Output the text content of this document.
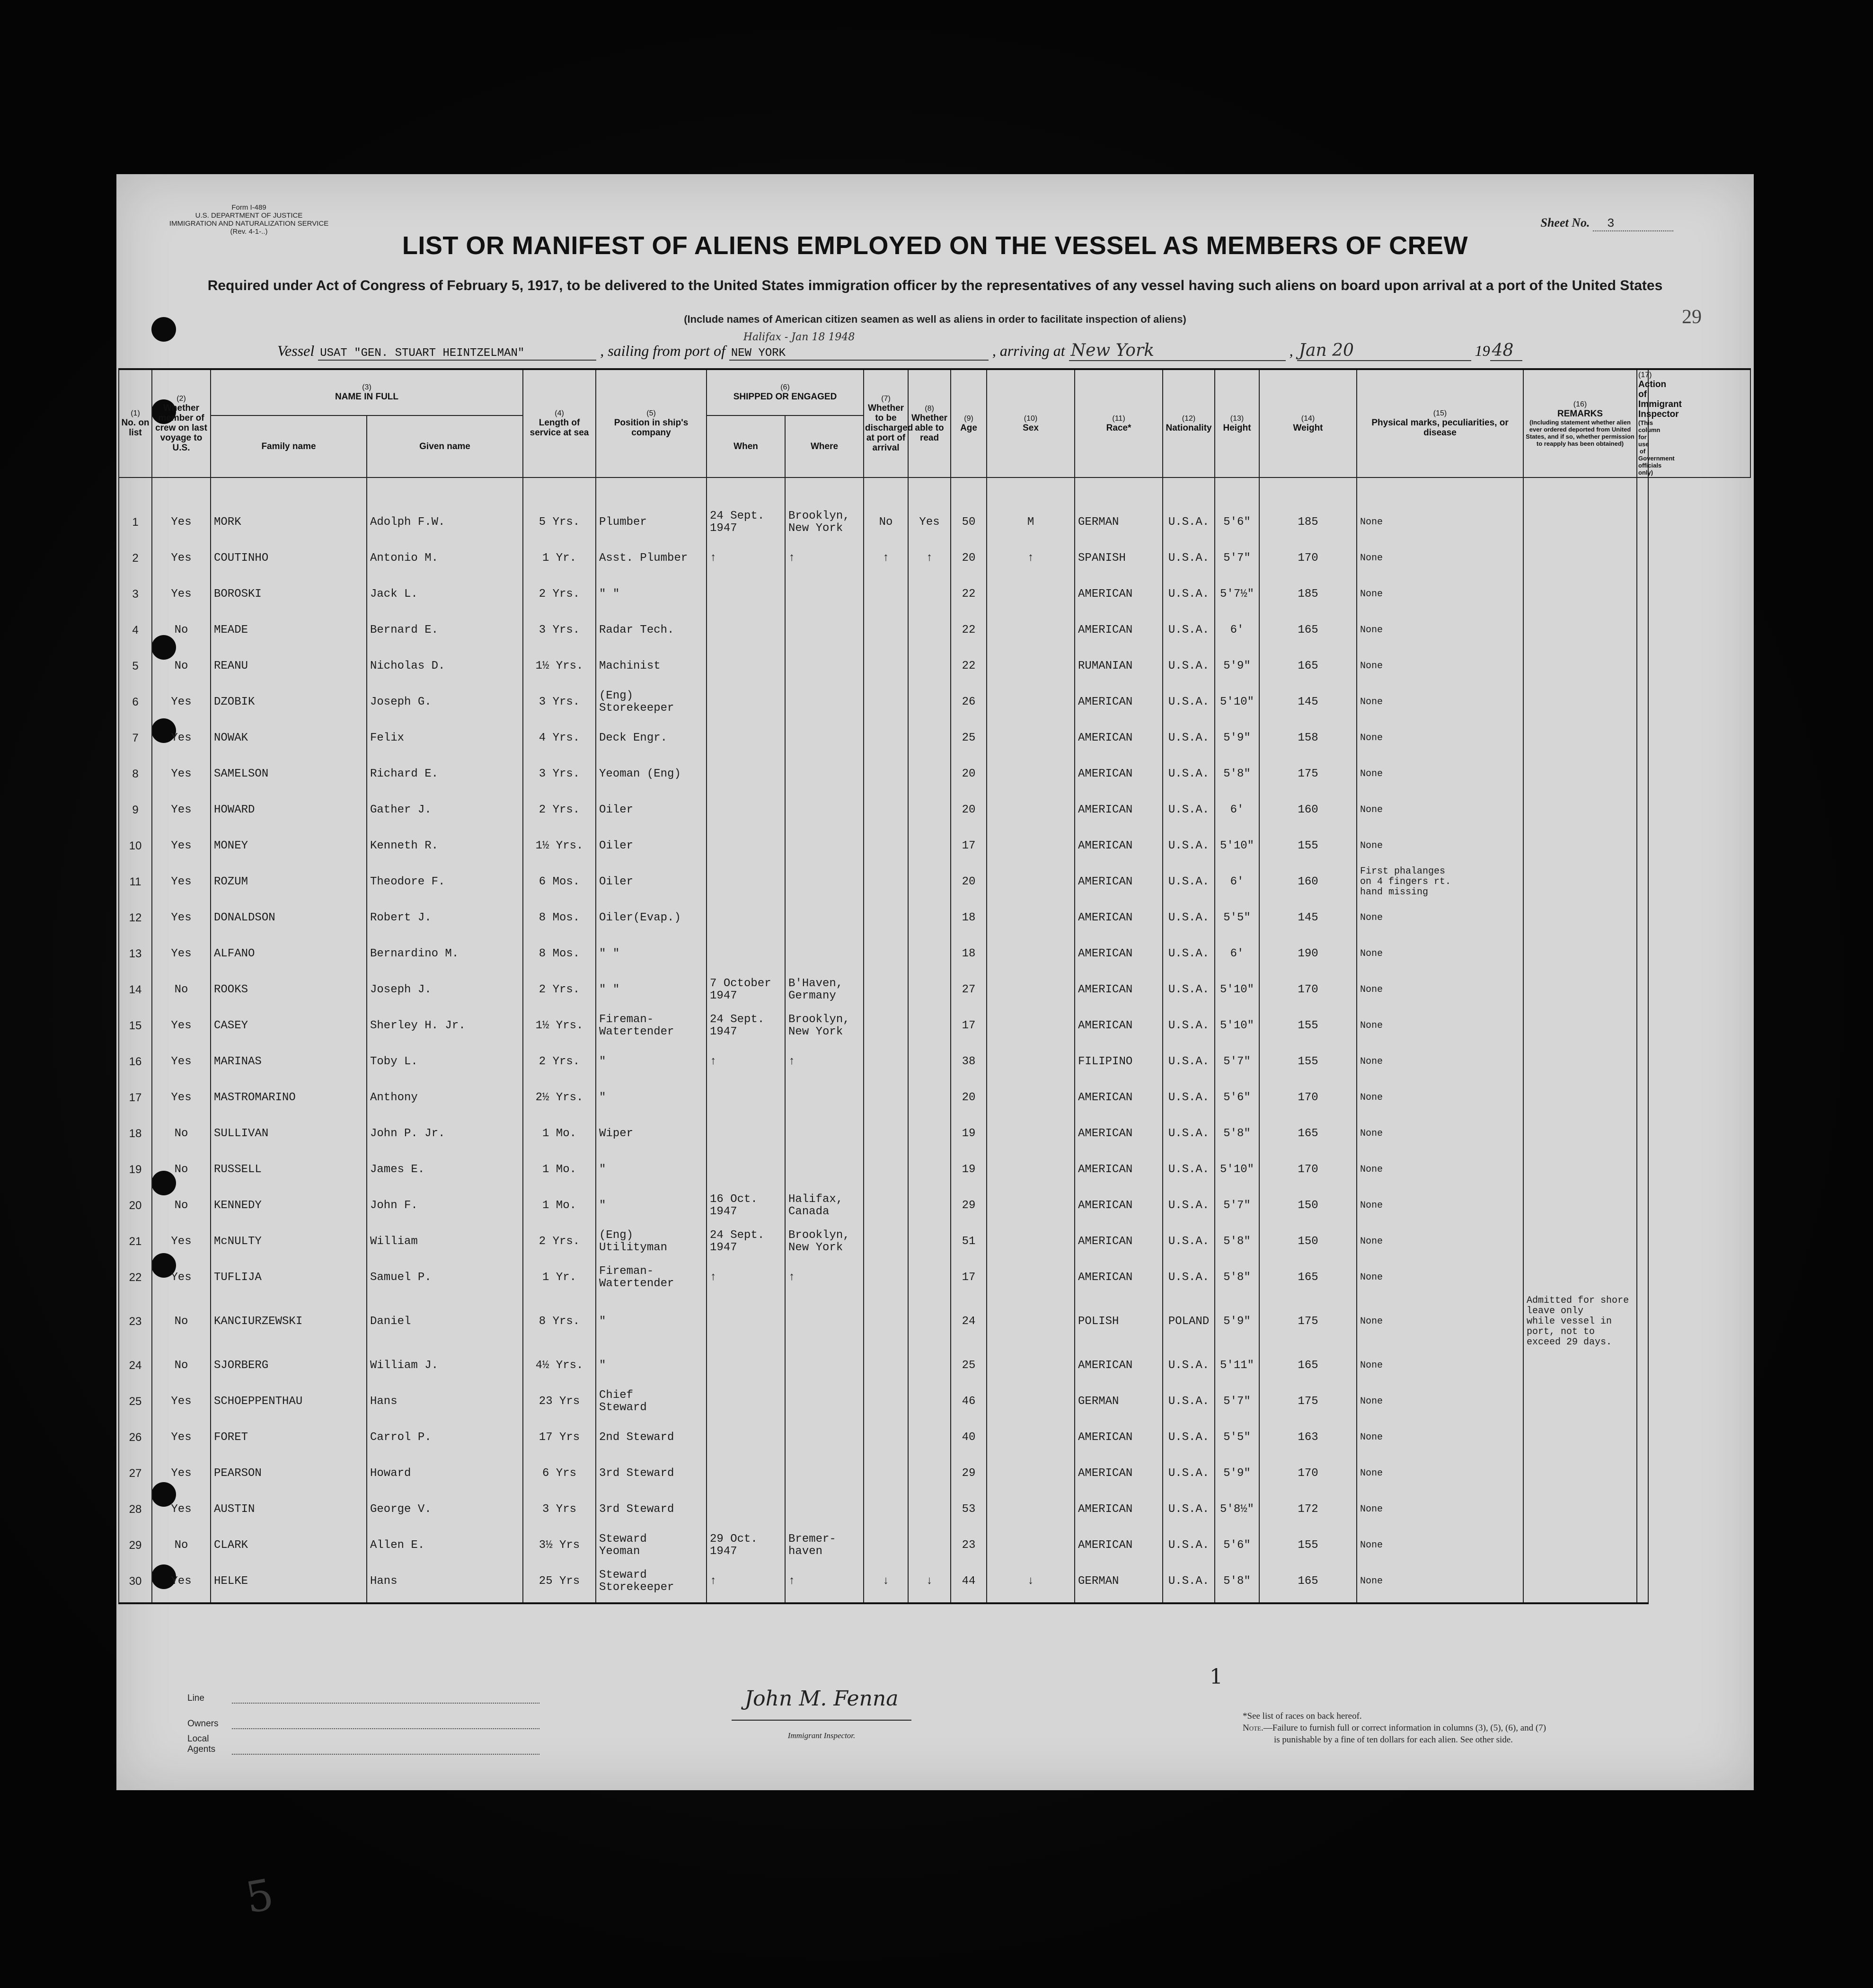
5
Form I-489
U.S. DEPARTMENT OF JUSTICE
IMMIGRATION AND NATURALIZATION SERVICE
(Rev. 4-1-..)
Sheet No. 3
LIST OR MANIFEST OF ALIENS EMPLOYED ON THE VESSEL AS MEMBERS OF CREW
Required under Act of Congress of February 5, 1917, to be delivered to the United States immigration officer by the representatives of any vessel having such aliens on board upon arrival at a port of the United States
(Include names of American citizen seamen as well as aliens in order to facilitate inspection of aliens)	29
Vessel USAT "GEN. STUART HEINTZELMAN"	, sailing from port of
Halifax - Jan 18 1948
NEW YORK	, arriving at New York	, Jan 20	19 48
(1)
No. on list	(2)
Whether member of crew on last voyage to U.S.	(3)
NAME IN FULL		(4)
Length of service at sea	(5)
Position in ship's company	(6)
SHIPPED OR ENGAGED		(7)
Whether to be discharged at port of arrival	(8)
Whether able to read	(9)
Age	(10)
Sex	(11)
Race*	(12)
Nationality	(13)
Height	(14)
Weight	(15)
Physical marks, peculiarities, or disease	(16)
REMARKS
(Including statement whether alien ever ordered deported from United States, and if so, whether permission to reapply has been obtained)	(17)
Action of Immigrant Inspector
(This column for use of Government officials only)	

		Family name	Given name			When	Where												

1	Yes	MORK	Adolph F.W.	5 Yrs.	Plumber	24 Sept.
1947	Brooklyn,
New York	No	Yes	50	M	GERMAN	U.S.A.	5'6"	185	None			
2	Yes	COUTINHO	Antonio M.	1 Yr.	Asst. Plumber	↑	↑	↑	↑	20	↑	SPANISH	U.S.A.	5'7"	170	None			
3	Yes	BOROSKI	Jack L.	2 Yrs.	" "					22		AMERICAN	U.S.A.	5'7½"	185	None			
4	No	MEADE	Bernard E.	3 Yrs.	Radar Tech.					22		AMERICAN	U.S.A.	6'	165	None			
5	No	REANU	Nicholas D.	1½ Yrs.	Machinist					22		RUMANIAN	U.S.A.	5'9"	165	None			
6	Yes	DZOBIK	Joseph G.	3 Yrs.	(Eng)
Storekeeper					26		AMERICAN	U.S.A.	5'10"	145	None			
7	Yes	NOWAK	Felix	4 Yrs.	Deck Engr.					25		AMERICAN	U.S.A.	5'9"	158	None			
8	Yes	SAMELSON	Richard E.	3 Yrs.	Yeoman (Eng)					20		AMERICAN	U.S.A.	5'8"	175	None			
9	Yes	HOWARD	Gather J.	2 Yrs.	Oiler					20		AMERICAN	U.S.A.	6'	160	None			
10	Yes	MONEY	Kenneth R.	1½ Yrs.	Oiler					17		AMERICAN	U.S.A.	5'10"	155	None			
11	Yes	ROZUM	Theodore F.	6 Mos.	Oiler					20		AMERICAN	U.S.A.	6'	160	First phalanges
on 4 fingers rt.
hand missing			
12	Yes	DONALDSON	Robert J.	8 Mos.	Oiler(Evap.)					18		AMERICAN	U.S.A.	5'5"	145	None			
13	Yes	ALFANO	Bernardino M.	8 Mos.	" "					18		AMERICAN	U.S.A.	6'	190	None			
14	No	ROOKS	Joseph J.	2 Yrs.	" "	7 October
1947	B'Haven,
Germany			27		AMERICAN	U.S.A.	5'10"	170	None			
15	Yes	CASEY	Sherley H. Jr.	1½ Yrs.	Fireman-
Watertender	24 Sept.
1947	Brooklyn,
New York			17		AMERICAN	U.S.A.	5'10"	155	None			
16	Yes	MARINAS	Toby L.	2 Yrs.	"	↑	↑			38		FILIPINO	U.S.A.	5'7"	155	None			
17	Yes	MASTROMARINO	Anthony	2½ Yrs.	"					20		AMERICAN	U.S.A.	5'6"	170	None			
18	No	SULLIVAN	John P. Jr.	1 Mo.	Wiper					19		AMERICAN	U.S.A.	5'8"	165	None			
19	No	RUSSELL	James E.	1 Mo.	"					19		AMERICAN	U.S.A.	5'10"	170	None			
20	No	KENNEDY	John F.	1 Mo.	"	16 Oct.
1947	Halifax,
Canada			29		AMERICAN	U.S.A.	5'7"	150	None			
21	Yes	McNULTY	William	2 Yrs.	(Eng)
Utilityman	24 Sept.
1947	Brooklyn,
New York			51		AMERICAN	U.S.A.	5'8"	150	None			
22	Yes	TUFLIJA	Samuel P.	1 Yr.	Fireman-
Watertender	↑	↑			17		AMERICAN	U.S.A.	5'8"	165	None			
23	No	KANCIURZEWSKI	Daniel	8 Yrs.	"					24		POLISH	POLAND	5'9"	175	None	Admitted for shore leave only
while vessel in port, not to
exceed 29 days.		
24	No	SJORBERG	William J.	4½ Yrs.	"					25		AMERICAN	U.S.A.	5'11"	165	None			
25	Yes	SCHOEPPENTHAU	Hans	23 Yrs	Chief
Steward					46		GERMAN	U.S.A.	5'7"	175	None			
26	Yes	FORET	Carrol P.	17 Yrs	2nd Steward					40		AMERICAN	U.S.A.	5'5"	163	None			
27	Yes	PEARSON	Howard	6 Yrs	3rd Steward					29		AMERICAN	U.S.A.	5'9"	170	None			
28	Yes	AUSTIN	George V.	3 Yrs	3rd Steward					53		AMERICAN	U.S.A.	5'8½"	172	None			
29	No	CLARK	Allen E.	3½ Yrs	Steward
Yeoman	29 Oct.
1947	Bremer-
haven			23		AMERICAN	U.S.A.	5'6"	155	None			
30	Yes	HELKE	Hans	25 Yrs	Steward
Storekeeper	↑	↑	↓	↓	44	↓	GERMAN	U.S.A.	5'8"	165	None			

Line
Owners
Local Agents
John M. Fenna
Immigrant Inspector.
1
*See list of races on back hereof.
Note.—Failure to furnish full or correct information in columns (3), (5), (6), and (7)
is punishable by a fine of ten dollars for each alien. See other side.
